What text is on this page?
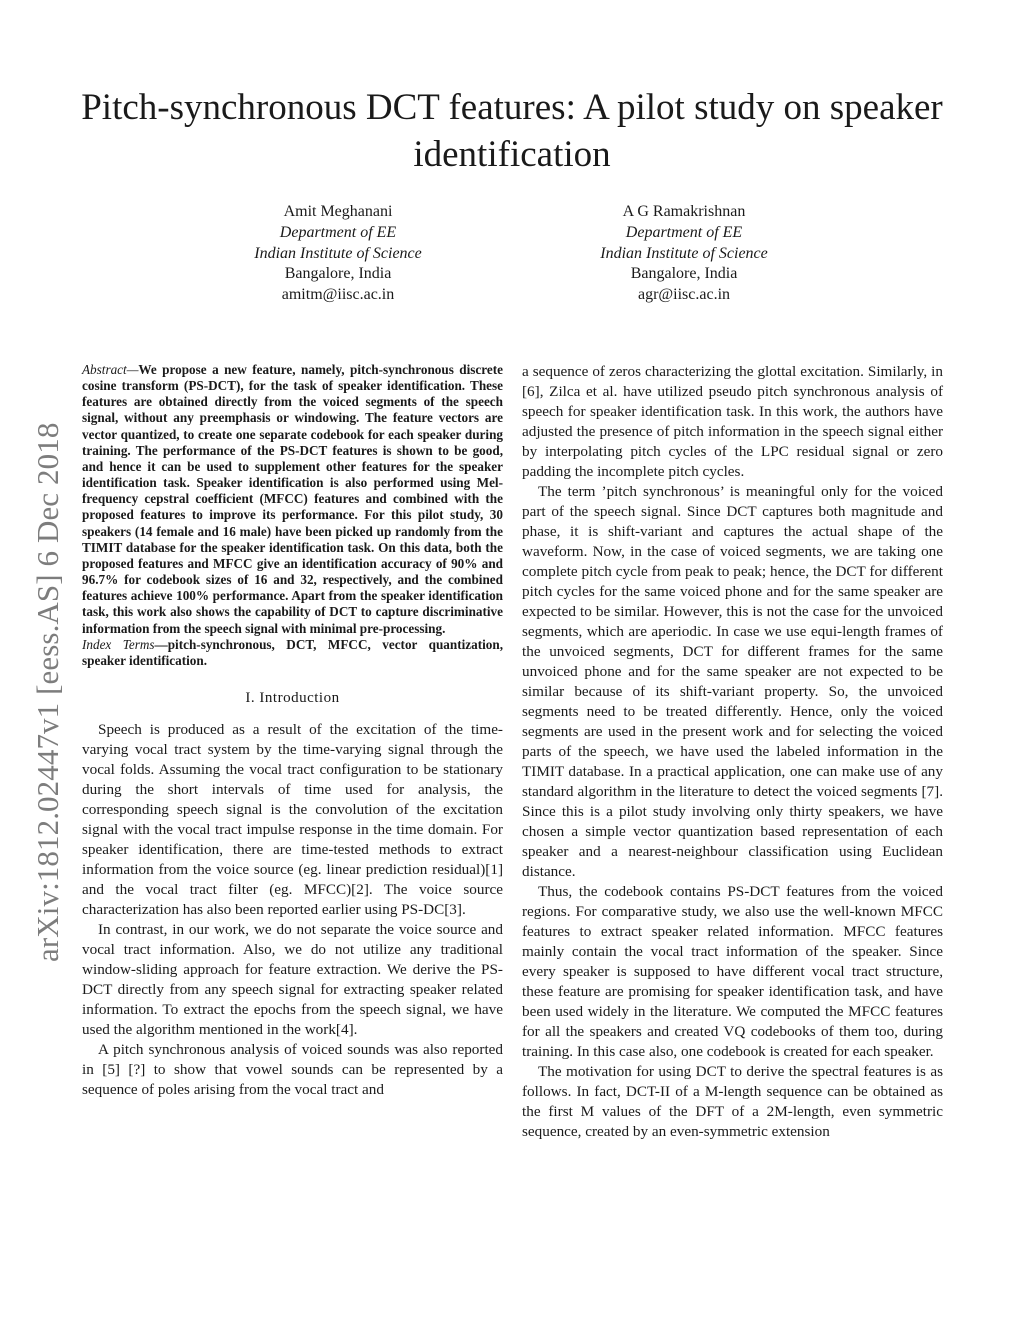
arXiv:1812.02447v1 [eess.AS] 6 Dec 2018
Pitch-synchronous DCT features: A pilot study on speaker identification
Amit Meghanani
Department of EE
Indian Institute of Science
Bangalore, India
amitm@iisc.ac.in
A G Ramakrishnan
Department of EE
Indian Institute of Science
Bangalore, India
agr@iisc.ac.in

Abstract—We propose a new feature, namely, pitch-synchronous discrete cosine transform (PS-DCT), for the task of speaker identification. These features are obtained directly from the voiced segments of the speech signal, without any preemphasis or windowing. The feature vectors are vector quantized, to create one separate codebook for each speaker during training. The performance of the PS-DCT features is shown to be good, and hence it can be used to supplement other features for the speaker identification task. Speaker identification is also performed using Mel-frequency cepstral coefficient (MFCC) features and combined with the proposed features to improve its performance. For this pilot study, 30 speakers (14 female and 16 male) have been picked up randomly from the TIMIT database for the speaker identification task. On this data, both the proposed features and MFCC give an identification accuracy of 90% and 96.7% for codebook sizes of 16 and 32, respectively, and the combined features achieve 100% performance. Apart from the speaker identification task, this work also shows the capability of DCT to capture discriminative information from the speech signal with minimal pre-processing.

Index Terms—pitch-synchronous, DCT, MFCC, vector quantization, speaker identification.

I. Introduction

Speech is produced as a result of the excitation of the time-varying vocal tract system by the time-varying signal through the vocal folds. Assuming the vocal tract configuration to be stationary during the short intervals of time used for analysis, the corresponding speech signal is the convolution of the excitation signal with the vocal tract impulse response in the time domain. For speaker identification, there are time-tested methods to extract information from the voice source (eg. linear prediction residual)[1] and the vocal tract filter (eg. MFCC)[2]. The voice source characterization has also been reported earlier using PS-DC[3].

In contrast, in our work, we do not separate the voice source and vocal tract information. Also, we do not utilize any traditional window-sliding approach for feature extraction. We derive the PS-DCT directly from any speech signal for extracting speaker related information. To extract the epochs from the speech signal, we have used the algorithm mentioned in the work[4].

A pitch synchronous analysis of voiced sounds was also reported in [5] [?] to show that vowel sounds can be represented by a sequence of poles arising from the vocal tract and

a sequence of zeros characterizing the glottal excitation. Similarly, in [6], Zilca et al. have utilized pseudo pitch synchronous analysis of speech for speaker identification task. In this work, the authors have adjusted the presence of pitch information in the speech signal either by interpolating pitch cycles of the LPC residual signal or zero padding the incomplete pitch cycles.

The term ’pitch synchronous’ is meaningful only for the voiced part of the speech signal. Since DCT captures both magnitude and phase, it is shift-variant and captures the actual shape of the waveform. Now, in the case of voiced segments, we are taking one complete pitch cycle from peak to peak; hence, the DCT for different pitch cycles for the same voiced phone and for the same speaker are expected to be similar. However, this is not the case for the unvoiced segments, which are aperiodic. In case we use equi-length frames of the unvoiced segments, DCT for different frames for the same unvoiced phone and for the same speaker are not expected to be similar because of its shift-variant property. So, the unvoiced segments need to be treated differently. Hence, only the voiced segments are used in the present work and for selecting the voiced parts of the speech, we have used the labeled information in the TIMIT database. In a practical application, one can make use of any standard algorithm in the literature to detect the voiced segments [7]. Since this is a pilot study involving only thirty speakers, we have chosen a simple vector quantization based representation of each speaker and a nearest-neighbour classification using Euclidean distance.

Thus, the codebook contains PS-DCT features from the voiced regions. For comparative study, we also use the well-known MFCC features to extract speaker related information. MFCC features mainly contain the vocal tract information of the speaker. Since every speaker is supposed to have different vocal tract structure, these feature are promising for speaker identification task, and have been used widely in the literature. We computed the MFCC features for all the speakers and created VQ codebooks of them too, during training. In this case also, one codebook is created for each speaker.

The motivation for using DCT to derive the spectral features is as follows. In fact, DCT-II of a M-length sequence can be obtained as the first M values of the DFT of a 2M-length, even symmetric sequence, created by an even-symmetric extension
